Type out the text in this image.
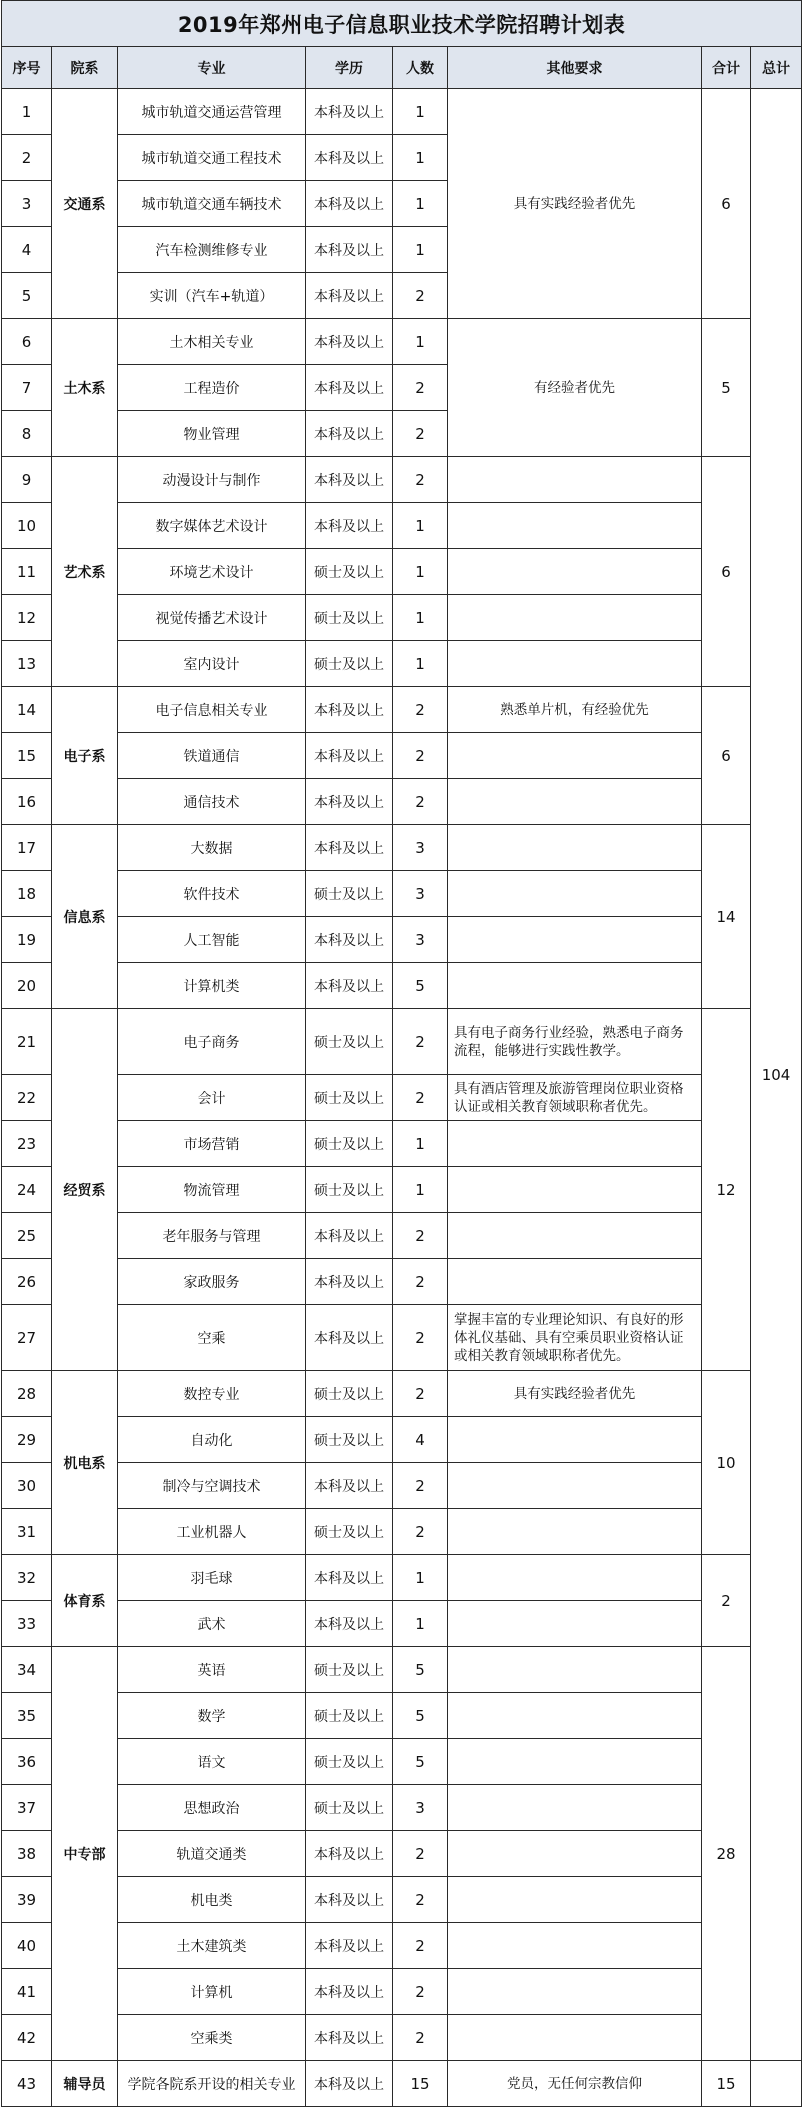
2019年郑州电子信息职业技术学院招聘计划表							
序号	院系	专业	学历	人数	其他要求	合计	总计
1	交通系	城市轨道交通运营管理	本科及以上	1	具有实践经验者优先	6	104
2		城市轨道交通工程技术	本科及以上	1			
3		城市轨道交通车辆技术	本科及以上	1			
4		汽车检测维修专业	本科及以上	1			
5		实训（汽车+轨道）	本科及以上	2			
6	土木系	土木相关专业	本科及以上	1	有经验者优先	5	
7		工程造价	本科及以上	2			
8		物业管理	本科及以上	2			
9	艺术系	动漫设计与制作	本科及以上	2		6	
10		数字媒体艺术设计	本科及以上	1			
11		环境艺术设计	硕士及以上	1			
12		视觉传播艺术设计	硕士及以上	1			
13		室内设计	硕士及以上	1			
14	电子系	电子信息相关专业	本科及以上	2	熟悉单片机，有经验优先	6	
15		铁道通信	本科及以上	2			
16		通信技术	本科及以上	2			
17	信息系	大数据	本科及以上	3		14	
18		软件技术	硕士及以上	3			
19		人工智能	本科及以上	3			
20		计算机类	本科及以上	5			
21	经贸系	电子商务	硕士及以上	2	具有电子商务行业经验，熟悉电子商务流程，能够进行实践性教学。	12	
22		会计	硕士及以上	2	具有酒店管理及旅游管理岗位职业资格认证或相关教育领域职称者优先。		
23		市场营销	硕士及以上	1			
24		物流管理	硕士及以上	1			
25		老年服务与管理	本科及以上	2			
26		家政服务	本科及以上	2			
27		空乘	本科及以上	2	掌握丰富的专业理论知识、有良好的形体礼仪基础、具有空乘员职业资格认证或相关教育领域职称者优先。		
28	机电系	数控专业	硕士及以上	2	具有实践经验者优先	10	
29		自动化	硕士及以上	4			
30		制冷与空调技术	本科及以上	2			
31		工业机器人	硕士及以上	2			
32	体育系	羽毛球	本科及以上	1		2	
33		武术	本科及以上	1			
34	中专部	英语	硕士及以上	5		28	
35		数学	硕士及以上	5			
36		语文	硕士及以上	5			
37		思想政治	硕士及以上	3			
38		轨道交通类	本科及以上	2			
39		机电类	本科及以上	2			
40		土木建筑类	本科及以上	2			
41		计算机	本科及以上	2			
42		空乘类	本科及以上	2			
43	辅导员	学院各院系开设的相关专业	本科及以上	15	党员，无任何宗教信仰	15	
